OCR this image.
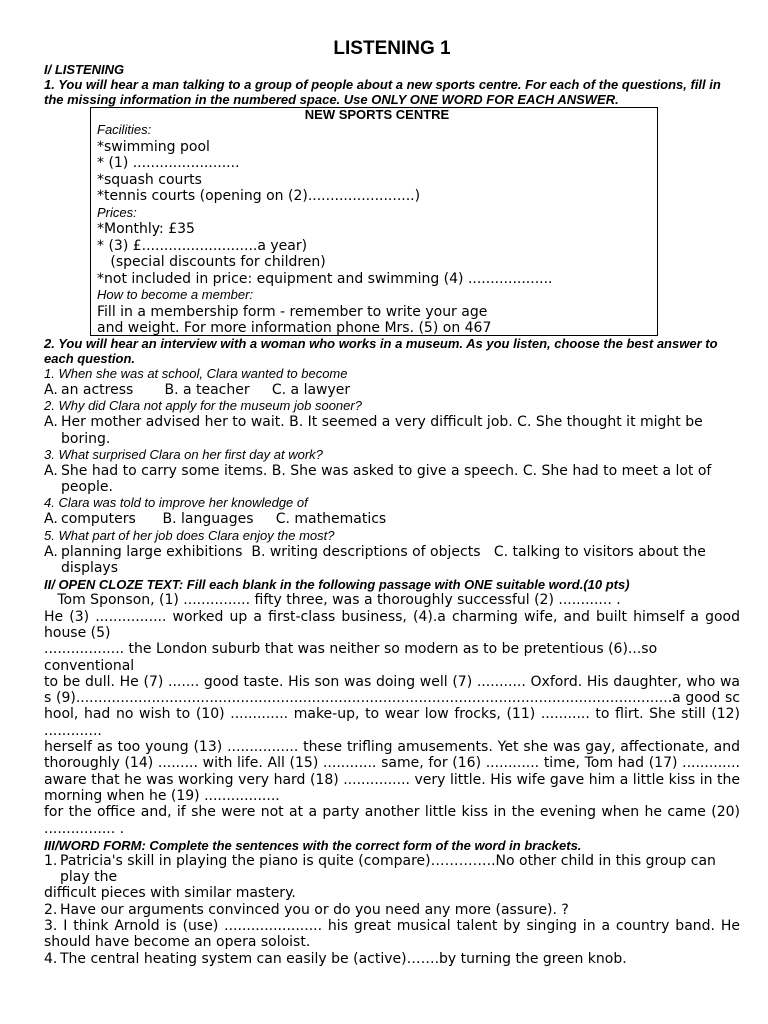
LISTENING 1
I/ LISTENING
1. You will hear a man talking to a group of people about a new sports centre. For each of the questions, fill in the missing information in the numbered space. Use ONLY ONE WORD FOR EACH ANSWER.
NEW SPORTS CENTRE
Facilities:
*swimming pool
* (1) ........................
*squash courts
*tennis courts (opening on (2)........................)
Prices:
*Monthly: £35
* (3) £..........................a year)
(special discounts for children)
*not included in price: equipment and swimming (4) ...................
How to become a member:
Fill in a membership form - remember to write your age
and weight. For more information phone Mrs. (5) on 467
2. You will hear an interview with a woman who works in a museum. As you listen, choose the best answer to each question.
1. When she was at school, Clara wanted to become
A. an actress       B. a teacher     C. a lawyer
2. Why did Clara not apply for the museum job sooner?
A. Her mother advised her to wait. B. It seemed a very difficult job. C. She thought it might be boring.
3. What surprised Clara on her first day at work?
A. She had to carry some items. B. She was asked to give a speech. C. She had to meet a lot of people.
4. Clara was told to improve her knowledge of
A. computers      B. languages     C. mathematics
5. What part of her job does Clara enjoy the most?
A. planning large exhibitions  B. writing descriptions of objects   C. talking to visitors about the displays
II/ OPEN CLOZE TEXT: Fill each blank in the following passage with ONE suitable word.(10 pts)
Tom Sponson, (1) ............... fifty three, was a thoroughly successful (2) ............ .
He (3) ................ worked up a first-class business, (4).a charming wife, and built himself a good house (5)
.................. the London suburb that was neither so modern as to be pretentious (6)...so conventional
to be dull. He (7) ....... good taste. His son was doing well (7) ........... Oxford. His daughter, who was (9)......................................................................................................................................a good school, had no wish to (10) ............. make-up, to wear low frocks, (11) ........... to flirt. She still (12) .............
herself as too young (13) ................ these trifling amusements. Yet she was gay, affectionate, and thoroughly (14) ......... with life. All (15) ............ same, for (16) ............ time, Tom had (17) ............. aware that he was working very hard (18) ............... very little. His wife gave him a little kiss in the morning when he (19) .................
for the office and, if she were not at a party another little kiss in the evening when he came (20) ................ .
III/WORD FORM: Complete the sentences with the correct form of the word in brackets.
1. Patricia's skill in playing the piano is quite (compare)…………..No other child in this group can play the
difficult pieces with similar mastery.
2. Have our arguments convinced you or do you need any more (assure). ?
3. I think Arnold is (use) ...................... his great musical talent by singing in a country band. He should have become an opera soloist.
4. The central heating system can easily be (active)…….by turning the green knob.
